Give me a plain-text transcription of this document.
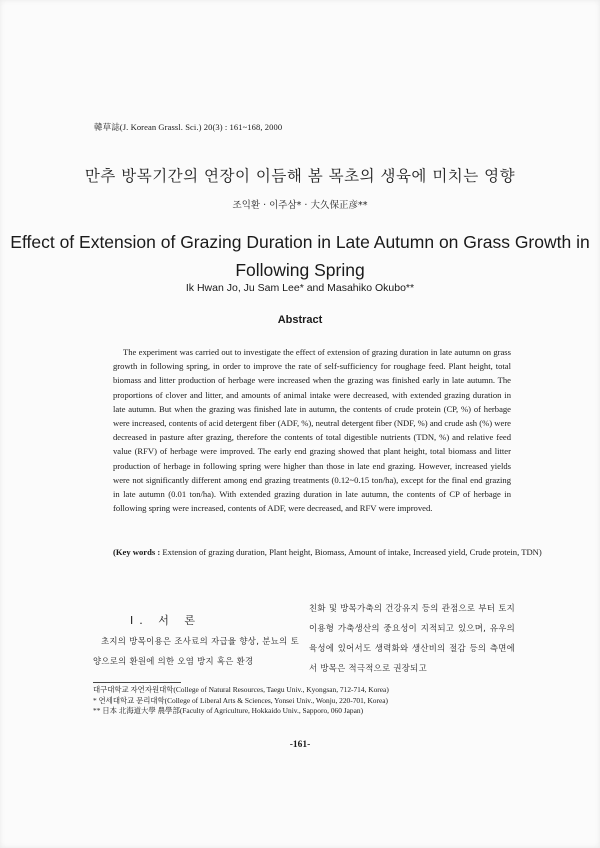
韓草誌(J. Korean Grassl. Sci.) 20(3) : 161~168, 2000
만추 방목기간의 연장이 이듬해 봄 목초의 생육에 미치는 영향
조익환 · 이주삼* · 大久保正彦**
Effect of Extension of Grazing Duration in Late Autumn on Grass Growth in Following Spring
Ik Hwan Jo, Ju Sam Lee* and Masahiko Okubo**
Abstract
The experiment was carried out to investigate the effect of extension of grazing duration in late autumn on grass growth in following spring, in order to improve the rate of self-sufficiency for roughage feed. Plant height, total biomass and litter production of herbage were increased when the grazing was finished early in late autumn. The proportions of clover and litter, and amounts of animal intake were decreased, with extended grazing duration in late autumn. But when the grazing was finished late in autumn, the contents of crude protein (CP, %) of herbage were increased, contents of acid detergent fiber (ADF, %), neutral detergent fiber (NDF, %) and crude ash (%) were decreased in pasture after grazing, therefore the contents of total digestible nutrients (TDN, %) and relative feed value (RFV) of herbage were improved. The early end grazing showed that plant height, total biomass and litter production of herbage in following spring were higher than those in late end grazing. However, increased yields were not significantly different among end grazing treatments (0.12~0.15 ton/ha), except for the final end grazing in late autumn (0.01 ton/ha). With extended grazing duration in late autumn, the contents of CP of herbage in following spring were increased, contents of ADF, were decreased, and RFV were improved.
(Key words : Extension of grazing duration, Plant height, Biomass, Amount of intake, Increased yield, Crude protein, TDN)
I. 서 론
초지의 방목이용은 조사료의 자급율 향상, 분뇨의 토양으로의 환원에 의한 오염 방지 혹은 환경
친화 및 방목가축의 건강유지 등의 관점으로 부터 토지이용형 가축생산의 중요성이 지적되고 있으며, 유우의 육성에 있어서도 생력화와 생산비의 절감 등의 측면에서 방목은 적극적으로 권장되고
대구대학교 자연자원대학(College of Natural Resources, Taegu Univ., Kyongsan, 712-714, Korea)
* 연세대학교 문리대학(College of Liberal Arts & Sciences, Yonsei Univ., Wonju, 220-701, Korea)
** 日本 北海道大學 農學部(Faculty of Agriculture, Hokkaido Univ., Sapporo, 060 Japan)
-161-
